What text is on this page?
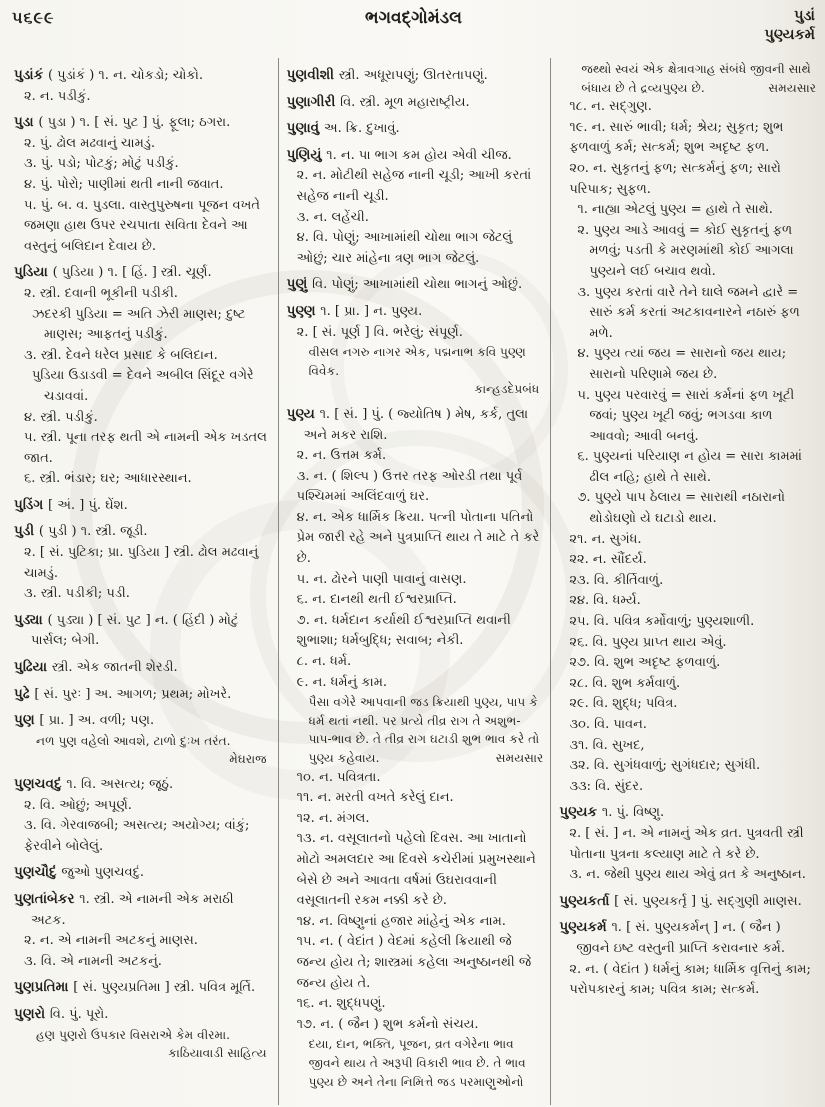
૫૬૯૯	ભગવદ્ગોમંડલ	પુડાં
પુણ્યકર્મ
પુડાંકં ( પુડાંકં ) ૧. ન. ચોકડો; ચોકો.
૨. ન. પડીકું.
પુડા ( પુડા ) ૧. [ સં. પુટ ] પું. ફૂલા; ઠગરા.
૨. પું. ઢોલ મઢવાનું ચામડું.
૩. પું. પડો; પોટકું; મોટું પડીકું.
૪. પું. પોરો; પાણીમાં થતી નાની જવાત.
૫. પું. બ. વ. પુડલા. વાસ્તુપુરુષના પૂજન વખતે જમણા હાથ ઉપર રચપાતા સવિતા દેવને આ વસ્તુનું બલિદાન દેવાય છે.
પુડિયા ( પુડિયા ) ૧. [ હિં. ] સ્ત્રી. ચૂર્ણ.
૨. સ્ત્રી. દવાની ભૂકીની પડીકી.
ઝદરકી પુડિયા = અતિ ઝેરી માણસ; દુષ્ટ માણસ; આફતનું પડીકું.
૩. સ્ત્રી. દેવને ધરેલ પ્રસાદ કે બલિદાન.
પુડિયા ઉડાડવી = દેવને અબીલ સિંદૂર વગેરે ચડાવવાં.
૪. સ્ત્રી. પડીકું.
૫. સ્ત્રી. પૂના તરફ થતી એ નામની એક ખડતલ જાત.
૬. સ્ત્રી. ભંડાર; ઘર; આધારસ્થાન.
પુડિંગ [ અં. ] પું. ઘેંશ.
પુડી ( પુડી ) ૧. સ્ત્રી. જૂડી.
૨. [ સં. પુટિકા; પ્રા. પુડિયા ] સ્ત્રી. ઢોલ મઢવાનું ચામડું.
૩. સ્ત્રી. પડીકી; પડી.
પુડ્યા ( પુડ્યા ) [ સં. પુટ ] ન. ( હિંદી ) મોટું પાર્સલ; બેગી.
પુઢિયા સ્ત્રી. એક જાતની શેરડી.
પુઢે [ સં. પુરઃ ] અ. આગળ; પ્રથમ; મોખરે.
પુણ [ પ્રા. ] અ. વળી; પણ.
નળ પુણ વહેલો આવશે, ટાળો દુઃખ તરંત.
મેઘરાજ
પુણચવદું ૧. વિ. અસત્ય; જૂઠું.
૨. વિ. ઓછું; અપૂર્ણ.
૩. વિ. ગેરવાજબી; અસત્ય; અયોગ્ય; વાંકું; ફેરવીને બોલેલું.
પુણચૌદું જુઓ પુણચવદું.
પુણતાંબેકર ૧. સ્ત્રી. એ નામની એક મરાઠી અટક.
૨. ન. એ નામની અટકનું માણસ.
૩. વિ. એ નામની અટકનું.
પુણપ્રતિમા [ સં. પુણ્યપ્રતિમા ] સ્ત્રી. પવિત્ર મૂર્તિ.
પુણરો વિ. પું. પૂરો.
હણ પુણરો ઉપકાર વિસરાએ કેમ વીરમા.
કાઠિયાવાડી સાહિત્ય
પુણવીશી સ્ત્રી. અધૂરાપણું; ઊતરતાપણું.
પુણાગીરી વિ. સ્ત્રી. મૂળ મહારાષ્ટ્રીય.
પુણાવું અ. ક્રિ. દુખાવું.
પુણિયું ૧. ન. પા ભાગ કમ હોય એવી ચીજ.
૨. ન. મોટીથી સહેજ નાની ચૂડી; આખી કરતાં સહેજ નાની ચૂડી.
૩. ન. લહેંચી.
૪. વિ. પોણું; આખામાંથી ચોથા ભાગ જેટલું ઓછું; ચાર માંહેના ત્રણ ભાગ જેટલું.
પુણું વિ. પોણું; આખામાંથી ચોથા ભાગનું ઓછું.
પુણ્ણ ૧. [ પ્રા. ] ન. પુણ્ય.
૨. [ સં. પૂર્ણ ] વિ. ભરેલું; સંપૂર્ણ.
વીસલ નગરુ નાગર એક, પદ્મનાભ કવિ પુણ્ણ વિવેક.
કાન્હડદેપ્રબંધ
પુણ્ય ૧. [ સં. ] પું. ( જ્યોતિષ ) મેષ, કર્ક, તુલા અને મકર રાશિ.
૨. ન. ઉત્તમ કર્મ.
૩. ન. ( શિલ્પ ) ઉત્તર તરફ ઓરડી તથા પૂર્વ પશ્ચિમમાં અલિંદવાળું ઘર.
૪. ન. એક ધાર્મિક ક્રિયા. પત્ની પોતાના પતિનો પ્રેમ જારી રહે અને પુત્રપ્રાપ્તિ થાય તે માટે તે કરે છે.
૫. ન. ઢોરને પાણી પાવાનું વાસણ.
૬. ન. દાનથી થતી ઈશ્વરપ્રાપ્તિ.
૭. ન. ધર્મદાન કર્યાથી ઈશ્વરપ્રાપ્તિ થવાની શુભાશા; ધર્મબુદ્ધિ; સવાબ; નેકી.
૮. ન. ધર્મ.
૯. ન. ધર્મનું કામ.
પૈસા વગેરે આપવાની જડ ક્રિયાથી પુણ્ય, પાપ કે ધર્મ થતાં નથી. પર પ્રત્યે તીવ્ર રાગ તે અશુભ-પાપ-ભાવ છે. તે તીવ્ર રાગ ઘટાડી શુભ ભાવ કરે તો પુણ્ય કહેવાય.	સમયસાર
૧૦. ન. પવિત્રતા.
૧૧. ન. મરતી વખતે કરેલું દાન.
૧૨. ન. મંગલ.
૧૩. ન. વસૂલાતનો પહેલો દિવસ. આ ખાતાનો મોટો અમલદાર આ દિવસે કચેરીમાં પ્રમુખસ્થાને બેસે છે અને આવતા વર્ષમાં ઉઘરાવવાની વસૂલાતની રકમ નક્કી કરે છે.
૧૪. ન. વિષ્ણુનાં હજાર માંહેનું એક નામ.
૧૫. ન. ( વેદાંત ) વેદમાં કહેલી ક્રિયાથી જે જન્ય હોય તે; શાસ્ત્રમાં કહેલા અનુષ્ઠાનથી જે જન્ય હોય તે.
૧૬. ન. શુદ્ધપણું.
૧૭. ન. ( જૈન ) શુભ કર્મનો સંચય.
દયા, દાન, ભક્તિ, પૂજન, વ્રત વગેરેના ભાવ જીવને થાય તે અરૂપી વિકારી ભાવ છે. તે ભાવ પુણ્ય છે અને તેના નિમિત્તે જડ પરમાણુઓનો
જથ્થો સ્વયં એક ક્ષેત્રાવગાહ સંબંધે જીવની સાથે બંધાય છે તે દ્રવ્યપુણ્ય છે.	સમયસાર
૧૮. ન. સદ્ગુણ.
૧૯. ન. સારું ભાવી; ધર્મ; શ્રેય; સુકૃત; શુભ ફળવાળું કર્મ; સત્કર્મ; શુભ અદૃષ્ટ ફળ.
૨૦. ન. સુકૃતનું ફળ; સત્કર્મનું ફળ; સારો પરિપાક; સુફળ.
૧. નાહ્યા એટલું પુણ્ય = હાથે તે સાથે.
૨. પુણ્ય આડે આવવું = કોઈ સુકૃતનું ફળ મળવું; પડતી કે મરણમાંથી કોઈ આગલા પુણ્યને લઈ બચાવ થવો.
૩. પુણ્ય કરતાં વારે તેને ઘાલે જમને દ્વારે = સારું કર્મ કરતાં અટકાવનારને નઠારું ફળ મળે.
૪. પુણ્ય ત્યાં જય = સારાનો જય થાય; સારાનો પરિણામે જય છે.
૫. પુણ્ય પરવારવું = સારાં કર્મનાં ફળ ખૂટી જવાં; પુણ્ય ખૂટી જવું; ભગડવા કાળ આવવો; આવી બનવું.
૬. પુણ્યનાં પરિયાણ ન હોય = સારા કામમાં ઢીલ નહિ; હાથે તે સાથે.
૭. પુણ્યે પાપ ઠેલાય = સારાથી નઠારાનો થોડોઘણો યે ઘટાડો થાય.
૨૧. ન. સુગંધ.
૨૨. ન. સૌંદર્ય.
૨૩. વિ. કીર્તિવાળું.
૨૪. વિ. ધર્મ્ય.
૨૫. વિ. પવિત્ર કર્મોવાળું; પુણ્યશાળી.
૨૬. વિ. પુણ્ય પ્રાપ્ત થાય એવું.
૨૭. વિ. શુભ અદૃષ્ટ ફળવાળું.
૨૮. વિ. શુભ કર્મવાળું.
૨૯. વિ. શુદ્ધ; પવિત્ર.
૩૦. વિ. પાવન.
૩૧. વિ. સુખદ,
૩૨. વિ. સુગંધવાળું; સુગંધદાર; સુગંધી.
૩૩: વિ. સુંદર.
પુણ્યક ૧. પું. વિષ્ણુ.
૨. [ સં. ] ન. એ નામનું એક વ્રત. પુત્રવતી સ્ત્રી પોતાના પુત્રના કલ્યાણ માટે તે કરે છે.
૩. ન. જેથી પુણ્ય થાય એવું વ્રત કે અનુષ્ઠાન.
પુણ્યકર્તા [ સં. પુણ્યકર્તૃ ] પું. સદ્ગુણી માણસ.
પુણ્યકર્મ ૧. [ સં. પુણ્યકર્મન્ ] ન. ( જૈન ) જીવને ઇષ્ટ વસ્તુની પ્રાપ્તિ કરાવનાર કર્મ.
૨. ન. ( વેદાંત ) ધર્મનું કામ; ધાર્મિક વૃત્તિનું કામ; પરોપકારનું કામ; પવિત્ર કામ; સત્કર્મ.
